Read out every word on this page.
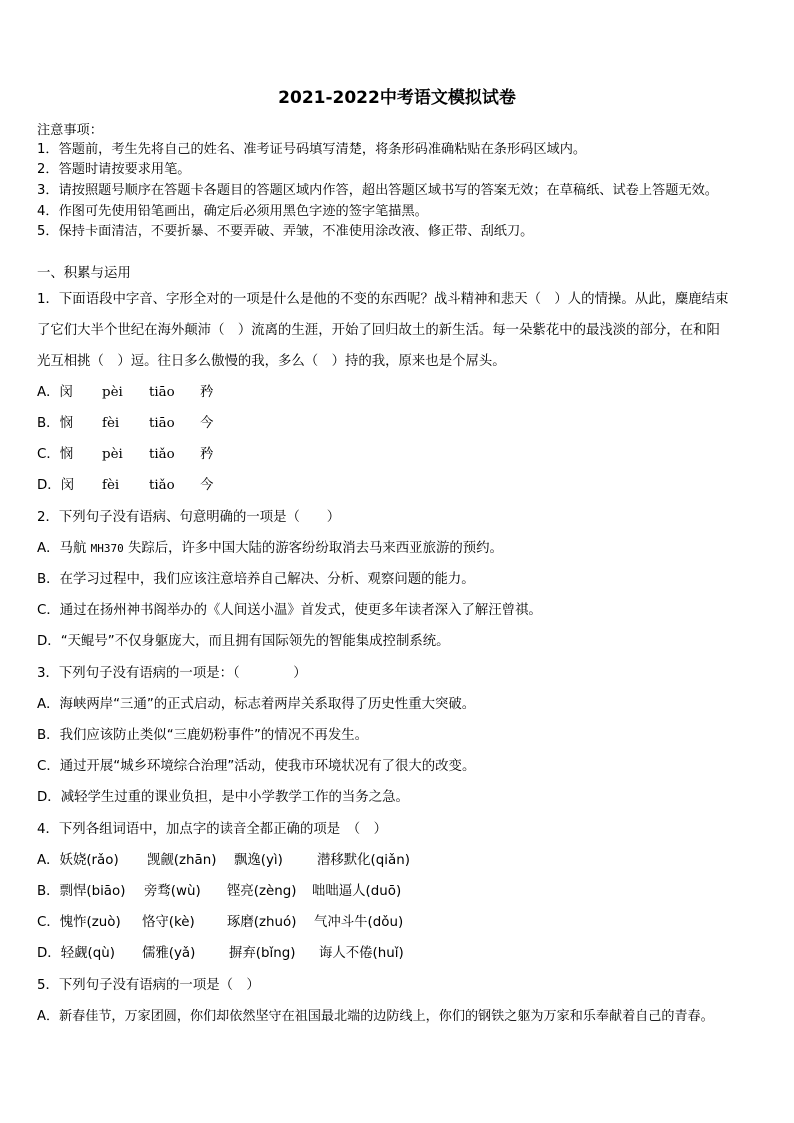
2021-2022中考语文模拟试卷
注意事项：
1．答题前，考生先将自己的姓名、准考证号码填写清楚，将条形码准确粘贴在条形码区域内。
2．答题时请按要求用笔。
3．请按照题号顺序在答题卡各题目的答题区域内作答，超出答题区域书写的答案无效；在草稿纸、试卷上答题无效。
4．作图可先使用铅笔画出，确定后必须用黑色字迹的签字笔描黑。
5．保持卡面清洁，不要折暴、不要弄破、弄皱，不准使用涂改液、修正带、刮纸刀。
一、积累与运用
1．下面语段中字音、字形全对的一项是什么是他的不变的东西呢？战斗精神和悲天（　）人的情操。从此，麋鹿结束
了它们大半个世纪在海外颠沛（　）流离的生涯，开始了回归故土的新生活。每一朵紫花中的最浅淡的部分，在和阳
光互相挑（　）逗。往日多么傲慢的我，多么（　）持的我，原来也是个屌头。
A．闵 pèi tiāo 矜
B．悯 fèi tiāo 今
C．悯 pèi tiǎo 矜
D．闵 fèi tiǎo 今
2．下列句子没有语病、句意明确的一项是（　　）
A．马航 MH370 失踪后，许多中国大陆的游客纷纷取消去马来西亚旅游的预约。
B．在学习过程中，我们应该注意培养自己解决、分析、观察问题的能力。
C．通过在扬州神书阁举办的《人间送小温》首发式，使更多年读者深入了解汪曾祺。
D．“天鲲号”不仅身躯庞大，而且拥有国际领先的智能集成控制系统。
3．下列句子没有语病的一项是：（　　　　）
A．海峡两岸“三通”的正式启动，标志着两岸关系取得了历史性重大突破。
B．我们应该防止类似“三鹿奶粉事件”的情况不再发生。
C．通过开展“城乡环境综合治理”活动，使我市环境状况有了很大的改变。
D．减轻学生过重的课业负担，是中小学教学工作的当务之急。
4．下列各组词语中，加点字的读音全都正确的项是　（　）
A．妖娆(rǎo) 觊觎(zhān) 飘逸(yì)	潜移默化(qiǎn)
B．剽悍(biāo) 旁骛(wù) 铿亮(zèng) 咄咄逼人(duō)
C．愧怍(zuò) 恪守(kè) 琢磨(zhuó) 气冲斗牛(dǒu)
D．轻觑(qù) 儒雅(yǎ)	摒弃(bǐng) 诲人不倦(huǐ)
5．下列句子没有语病的一项是（　）
A．新春佳节，万家团圆，你们却依然坚守在祖国最北端的边防线上，你们的钢铁之躯为万家和乐奉献着自己的青春。
